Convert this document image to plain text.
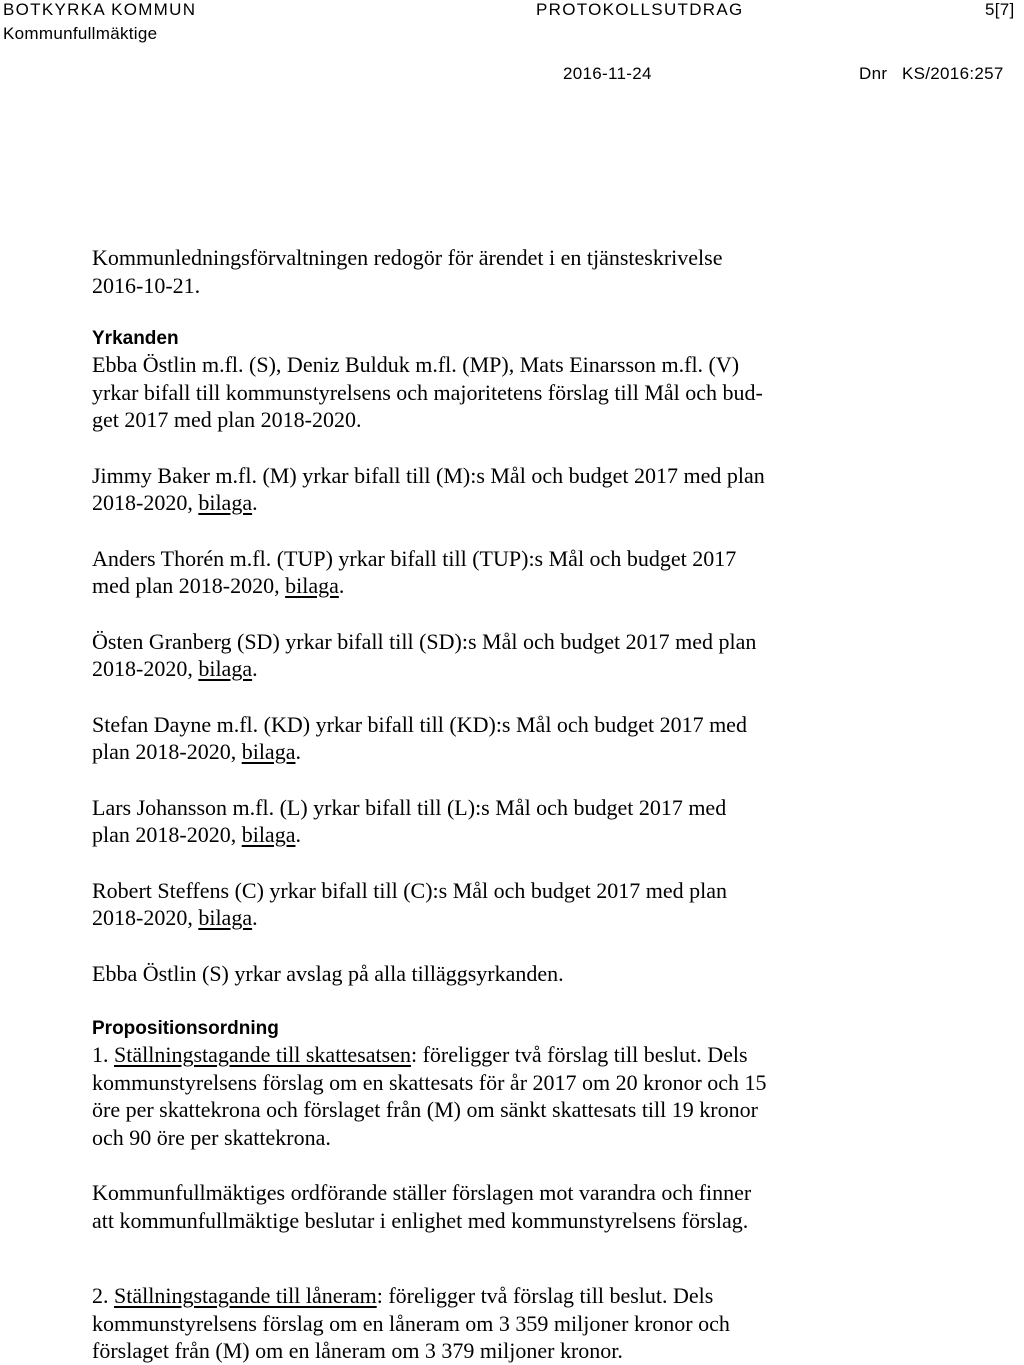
BOTKYRKA KOMMUN
Kommunfullmäktige
PROTOKOLLSUTDRAG	5[7]
2016-11-24	Dnr KS/2016:257

Kommunledningsförvaltningen redogör för ärendet i en tjänsteskrivelse
2016-10-21.

Yrkanden

Ebba Östlin m.fl. (S), Deniz Bulduk m.fl. (MP), Mats Einarsson m.fl. (V)
yrkar bifall till kommunstyrelsens och majoritetens förslag till Mål och bud-
get 2017 med plan 2018-2020.

Jimmy Baker m.fl. (M) yrkar bifall till (M):s Mål och budget 2017 med plan
2018-2020, bilaga.

Anders Thorén m.fl. (TUP) yrkar bifall till (TUP):s Mål och budget 2017
med plan 2018-2020, bilaga.

Östen Granberg (SD) yrkar bifall till (SD):s Mål och budget 2017 med plan
2018-2020, bilaga.

Stefan Dayne m.fl. (KD) yrkar bifall till (KD):s Mål och budget 2017 med
plan 2018-2020, bilaga.

Lars Johansson m.fl. (L) yrkar bifall till (L):s Mål och budget 2017 med
plan 2018-2020, bilaga.

Robert Steffens (C) yrkar bifall till (C):s Mål och budget 2017 med plan
2018-2020, bilaga.

Ebba Östlin (S) yrkar avslag på alla tilläggsyrkanden.

Propositionsordning

1. Ställningstagande till skattesatsen: föreligger två förslag till beslut. Dels
kommunstyrelsens förslag om en skattesats för år 2017 om 20 kronor och 15
öre per skattekrona och förslaget från (M) om sänkt skattesats till 19 kronor
och 90 öre per skattekrona.

Kommunfullmäktiges ordförande ställer förslagen mot varandra och finner
att kommunfullmäktige beslutar i enlighet med kommunstyrelsens förslag.

2. Ställningstagande till låneram: föreligger två förslag till beslut. Dels
kommunstyrelsens förslag om en låneram om 3 359 miljoner kronor och
förslaget från (M) om en låneram om 3 379 miljoner kronor.
